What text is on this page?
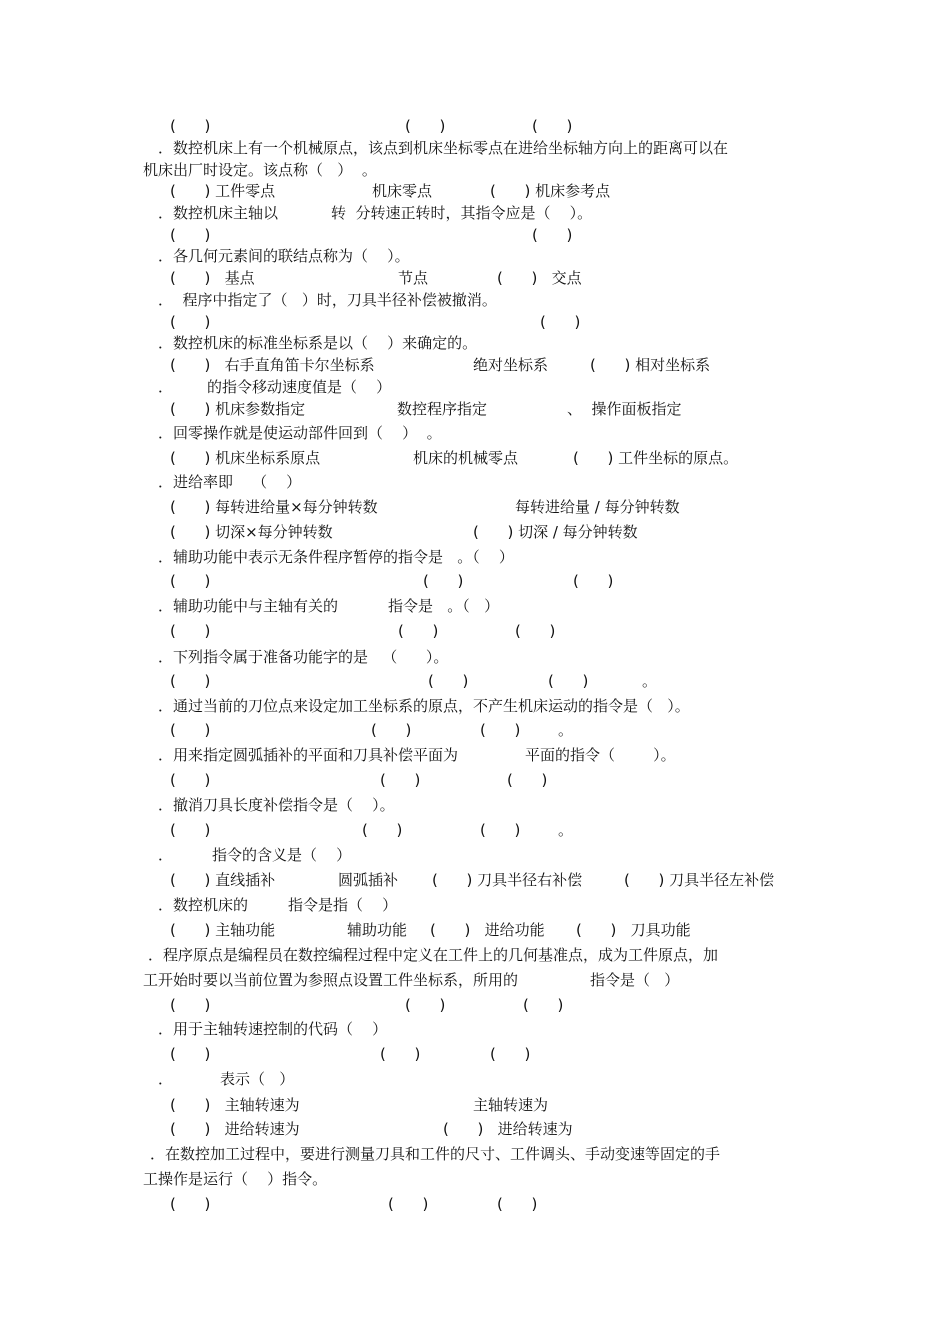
(      )	(      )	(      )
．数控机床上有一个机械原点，该点到机床坐标零点在进给坐标轴方向上的距离可以在
机床出厂时设定。该点称（   ）  。
(      ) 工件零点	机床零点	(      ) 机床参考点
．数控机床主轴以	转  分转速正转时，其指令应是（    ）。
(      )	(      )
．各几何元素间的联结点称为（    ）。
(      )   基点	节点	(      )   交点
．  程序中指定了（   ）时，刀具半径补偿被撤消。
(      )	(      )
．数控机床的标准坐标系是以（    ）来确定的。
(      )   右手直角笛卡尔坐标系	绝对坐标系	(      ) 相对坐标系
． 的指令移动速度值是（    ）
(      ) 机床参数指定	数控程序指定	、  操作面板指定
．回零操作就是使运动部件回到（    ）  。
(      ) 机床坐标系原点	机床的机械零点	(      ) 工件坐标的原点。
．进给率即    （    ）
(      ) 每转进给量×每分钟转数	每转进给量 / 每分钟转数
(      ) 切深×每分钟转数	(      ) 切深 / 每分钟转数
．辅助功能中表示无条件程序暂停的指令是   。（    ）
(      )	(      )	(      )
．辅助功能中与主轴有关的	指令是   。（   ）
(      )	(      )	(      )
．下列指令属于准备功能字的是   （      ）。
(      )	(      )	(      )	。
．通过当前的刀位点来设定加工坐标系的原点，不产生机床运动的指令是（   ）。
(      )	(      )	(      )	。
．用来指定圆弧插补的平面和刀具补偿平面为	平面的指令（        ）。
(      )	(      )	(      )
．撤消刀具长度补偿指令是（    ）。
(      )	(      )	(      )	。
．	指令的含义是（    ）
(      ) 直线插补	圆弧插补 (      ) 刀具半径右补偿	(      ) 刀具半径左补偿
．数控机床的	指令是指（    ）
(      ) 主轴功能	辅助功能 (      )   进给功能 (      )   刀具功能
．程序原点是编程员在数控编程过程中定义在工件上的几何基准点，成为工件原点，加
工开始时要以当前位置为参照点设置工件坐标系，所用的	指令是（   ）
(      )	(      )	(      )
．用于主轴转速控制的代码（    ）
(      )	(      )	(      )
．	表示（   ）
(      )   主轴转速为	主轴转速为
(      )   进给转速为	(      )   进给转速为
．在数控加工过程中，要进行测量刀具和工件的尺寸、工件调头、手动变速等固定的手
工操作是运行（    ）指令。
(      )	(      )	(      )
